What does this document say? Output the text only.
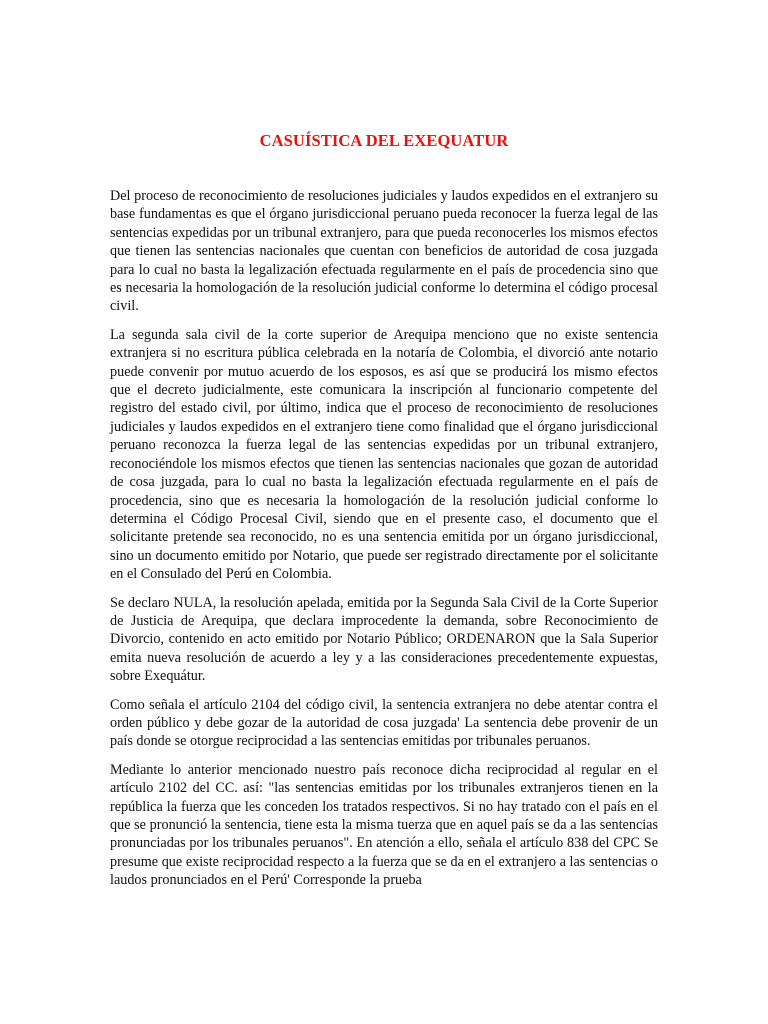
CASUÍSTICA DEL EXEQUATUR

Del proceso de reconocimiento de resoluciones judiciales y laudos expedidos en el extranjero su base fundamentas es que el órgano jurisdiccional peruano pueda reconocer la fuerza legal de las sentencias expedidas por un tribunal extranjero, para que pueda reconocerles los mismos efectos que tienen las sentencias nacionales que cuentan con beneficios de autoridad de cosa juzgada para lo cual no basta la legalización efectuada regularmente en el país de procedencia sino que es necesaria la homologación de la resolución judicial conforme lo determina el código procesal civil.

La segunda sala civil de la corte superior de Arequipa menciono que no existe sentencia extranjera si no escritura pública celebrada en la notaría de Colombia, el divorció ante notario puede convenir por mutuo acuerdo de los esposos, es así que se producirá los mismo efectos que el decreto judicialmente, este comunicara la inscripción al funcionario competente del registro del estado civil, por último, indica que el proceso de reconocimiento de resoluciones judiciales y laudos expedidos en el extranjero tiene como finalidad que el órgano jurisdiccional peruano reconozca la fuerza legal de las sentencias expedidas por un tribunal extranjero, reconociéndole los mismos efectos que tienen las sentencias nacionales que gozan de autoridad de cosa juzgada, para lo cual no basta la legalización efectuada regularmente en el país de procedencia, sino que es necesaria la homologación de la resolución judicial conforme lo determina el Código Procesal Civil, siendo que en el presente caso, el documento que el solicitante pretende sea reconocido, no es una sentencia emitida por un órgano jurisdiccional, sino un documento emitido por Notario, que puede ser registrado directamente por el solicitante en el Consulado del Perú en Colombia.

Se declaro NULA, la resolución apelada, emitida por la Segunda Sala Civil de la Corte Superior de Justicia de Arequipa, que declara improcedente la demanda, sobre Reconocimiento de Divorcio, contenido en acto emitido por Notario Público; ORDENARON que la Sala Superior emita nueva resolución de acuerdo a ley y a las consideraciones precedentemente expuestas, sobre Exequátur.

Como señala el artículo 2104 del código civil, la sentencia extranjera no debe atentar contra el orden público y debe gozar de la autoridad de cosa juzgada' La sentencia debe provenir de un país donde se otorgue reciprocidad a las sentencias emitidas por tribunales peruanos.

Mediante lo anterior mencionado nuestro país reconoce dicha reciprocidad al regular en el artículo 2102 del CC. así: "las sentencias emitidas por los tribunales extranjeros tienen en la república la fuerza que les conceden los tratados respectivos. Si no hay tratado con el país en el que se pronunció la sentencia, tiene esta la misma tuerza que en aquel país se da a las sentencias pronunciadas por los tribunales peruanos". En atención a ello, señala el artículo 838 del CPC Se presume que existe reciprocidad respecto a la fuerza que se da en el extranjero a las sentencias o laudos pronunciados en el Perú' Corresponde la prueba
